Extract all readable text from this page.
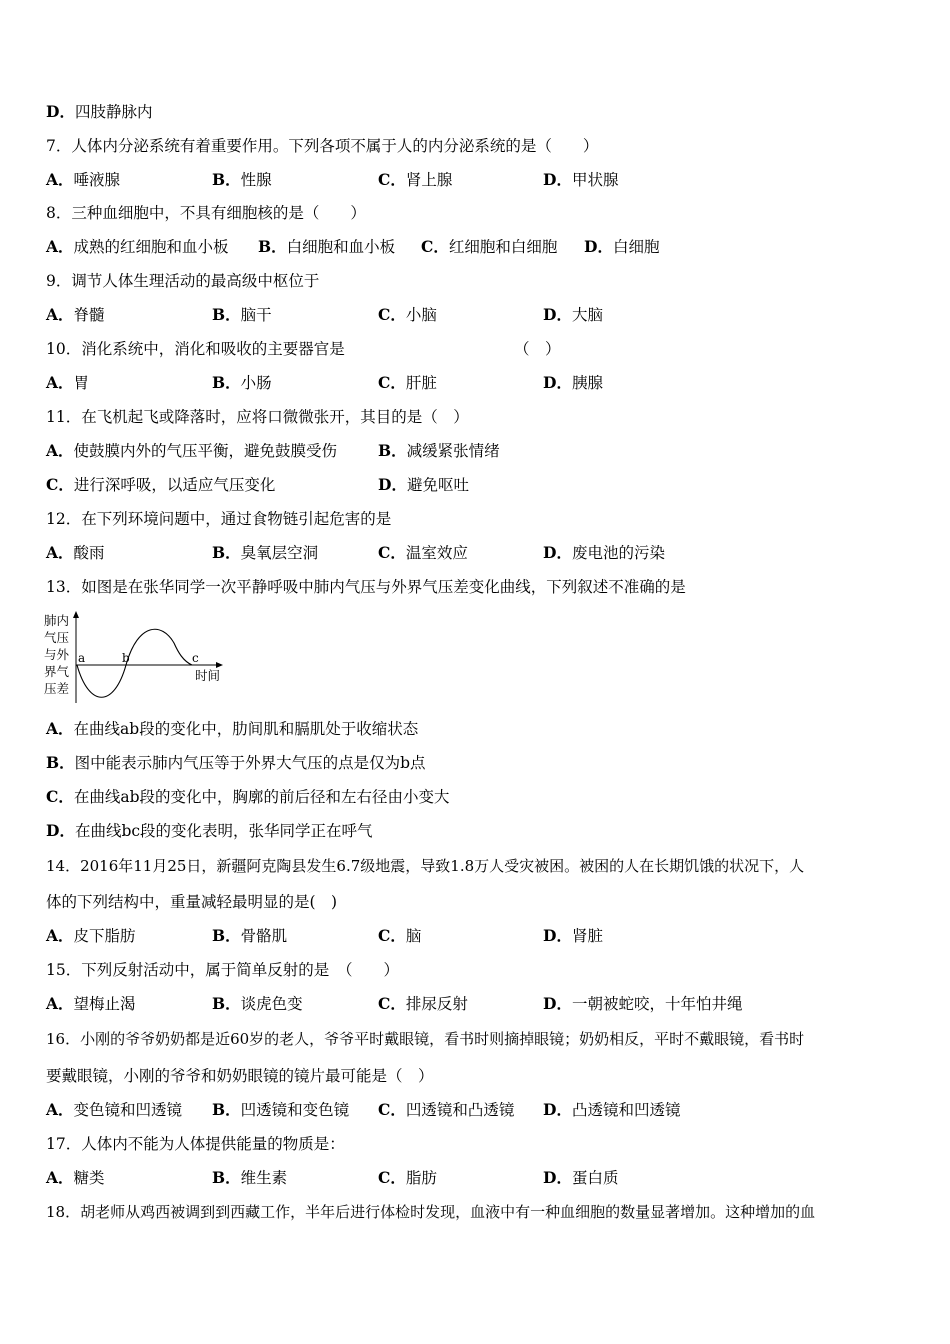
D．四肢静脉内
7．人体内分泌系统有着重要作用。下列各项不属于人的内分泌系统的是（　　）
A．唾液腺	B．性腺	C．肾上腺	D．甲状腺
8．三种血细胞中，不具有细胞核的是（　　）
A．成熟的红细胞和血小板 B．白细胞和血小板 C．红细胞和白细胞 D．白细胞
9．调节人体生理活动的最高级中枢位于
A．脊髓	B．脑干	C．小脑	D．大脑
10．消化系统中，消化和吸收的主要器官是	（　）
A．胃	B．小肠	C．肝脏	D．胰腺
11．在飞机起飞或降落时，应将口微微张开，其目的是（　）
A．使鼓膜内外的气压平衡，避免鼓膜受伤	B．减缓紧张情绪
C．进行深呼吸，以适应气压变化	D．避免呕吐
12．在下列环境问题中，通过食物链引起危害的是
A．酸雨	B．臭氧层空洞	C．温室效应	D．废电池的污染
13．如图是在张华同学一次平静呼吸中肺内气压与外界气压差变化曲线，下列叙述不准确的是
肺内
气压
与外
界气
压差
时间
a	b	c
A．在曲线ab段的变化中，肋间肌和膈肌处于收缩状态
B．图中能表示肺内气压等于外界大气压的点是仅为b点
C．在曲线ab段的变化中，胸廓的前后径和左右径由小变大
D．在曲线bc段的变化表明，张华同学正在呼气
14．2016年11月25日，新疆阿克陶县发生6.7级地震，导致1.8万人受灾被困。被困的人在长期饥饿的状况下，人
体的下列结构中，重量减轻最明显的是(　)
A．皮下脂肪	B．骨骼肌	C．脑	D．肾脏
15．下列反射活动中，属于简单反射的是　（　　）
A．望梅止渴	B．谈虎色变	C．排尿反射	D．一朝被蛇咬，十年怕井绳
16．小刚的爷爷奶奶都是近60岁的老人，爷爷平时戴眼镜，看书时则摘掉眼镜；奶奶相反，平时不戴眼镜，看书时
要戴眼镜，小刚的爷爷和奶奶眼镜的镜片最可能是（　）
A．变色镜和凹透镜 B．凹透镜和变色镜 C．凹透镜和凸透镜 D．凸透镜和凹透镜
17．人体内不能为人体提供能量的物质是：
A．糖类	B．维生素	C．脂肪	D．蛋白质
18．胡老师从鸡西被调到到西藏工作，半年后进行体检时发现，血液中有一种血细胞的数量显著增加。这种增加的血
